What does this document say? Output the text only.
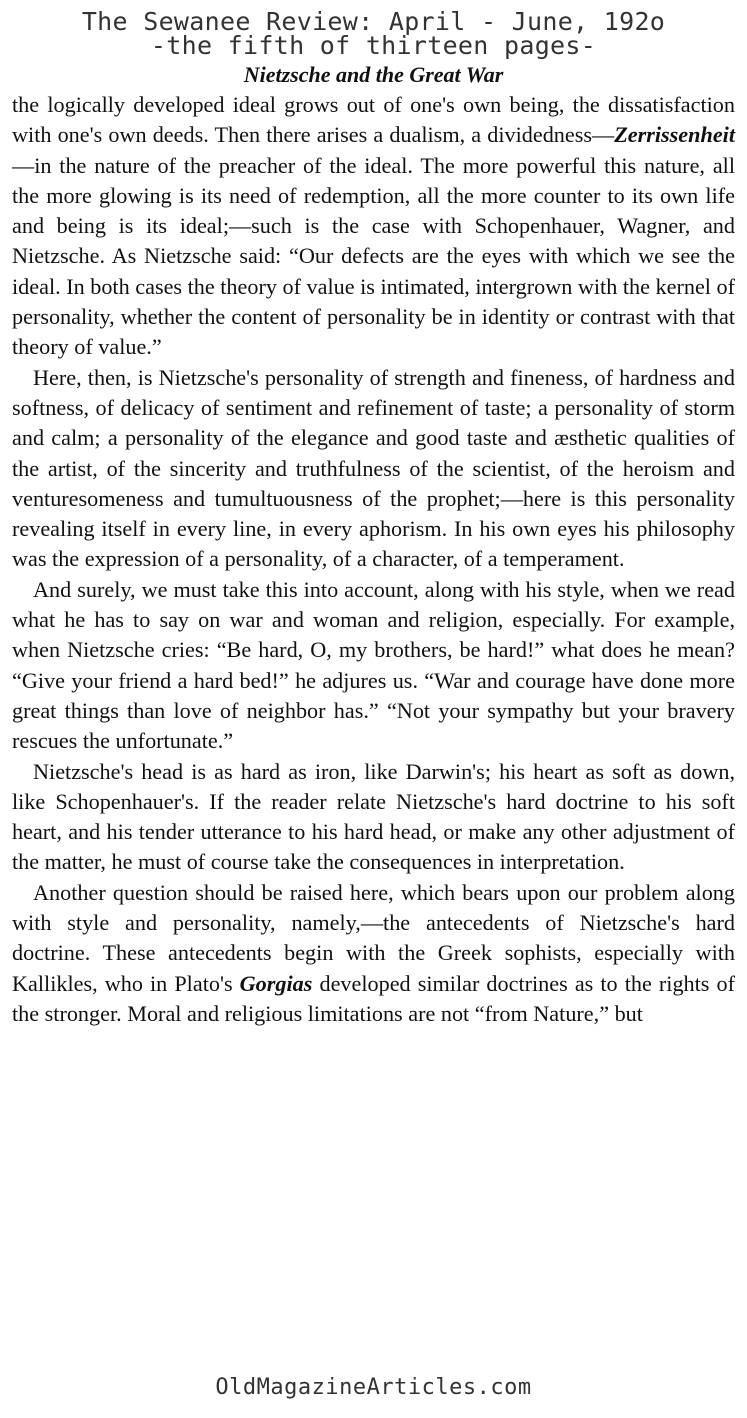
The Sewanee Review: April - June, 192o

-the fifth of thirteen pages-

Nietzsche and the Great War

the logically developed ideal grows out of one's own being, the dissatisfaction with one's own deeds. Then there arises a dualism, a dividedness—Zerrissenheit—in the nature of the preacher of the ideal. The more powerful this nature, all the more glowing is its need of redemption, all the more counter to its own life and being is its ideal;—such is the case with Schopenhauer, Wagner, and Nietzsche. As Nietzsche said: “Our defects are the eyes with which we see the ideal. In both cases the theory of value is intimated, intergrown with the kernel of personality, whether the content of personality be in identity or contrast with that theory of value.”

Here, then, is Nietzsche's personality of strength and fineness, of hardness and softness, of delicacy of sentiment and refinement of taste; a personality of storm and calm; a personality of the elegance and good taste and æsthetic qualities of the artist, of the sincerity and truthfulness of the scientist, of the heroism and venturesomeness and tumultuousness of the prophet;—here is this personality revealing itself in every line, in every aphorism. In his own eyes his philosophy was the expression of a personality, of a character, of a temperament.

And surely, we must take this into account, along with his style, when we read what he has to say on war and woman and religion, especially. For example, when Nietzsche cries: “Be hard, O, my brothers, be hard!” what does he mean? “Give your friend a hard bed!” he adjures us. “War and courage have done more great things than love of neighbor has.” “Not your sympathy but your bravery rescues the unfortunate.”

Nietzsche's head is as hard as iron, like Darwin's; his heart as soft as down, like Schopenhauer's. If the reader relate Nietzsche's hard doctrine to his soft heart, and his tender utterance to his hard head, or make any other adjustment of the matter, he must of course take the consequences in interpretation.

Another question should be raised here, which bears upon our problem along with style and personality, namely,—the antecedents of Nietzsche's hard doctrine. These antecedents begin with the Greek sophists, especially with Kallikles, who in Plato's Gorgias developed similar doctrines as to the rights of the stronger. Moral and religious limitations are not “from Nature,” but

OldMagazineArticles.com
